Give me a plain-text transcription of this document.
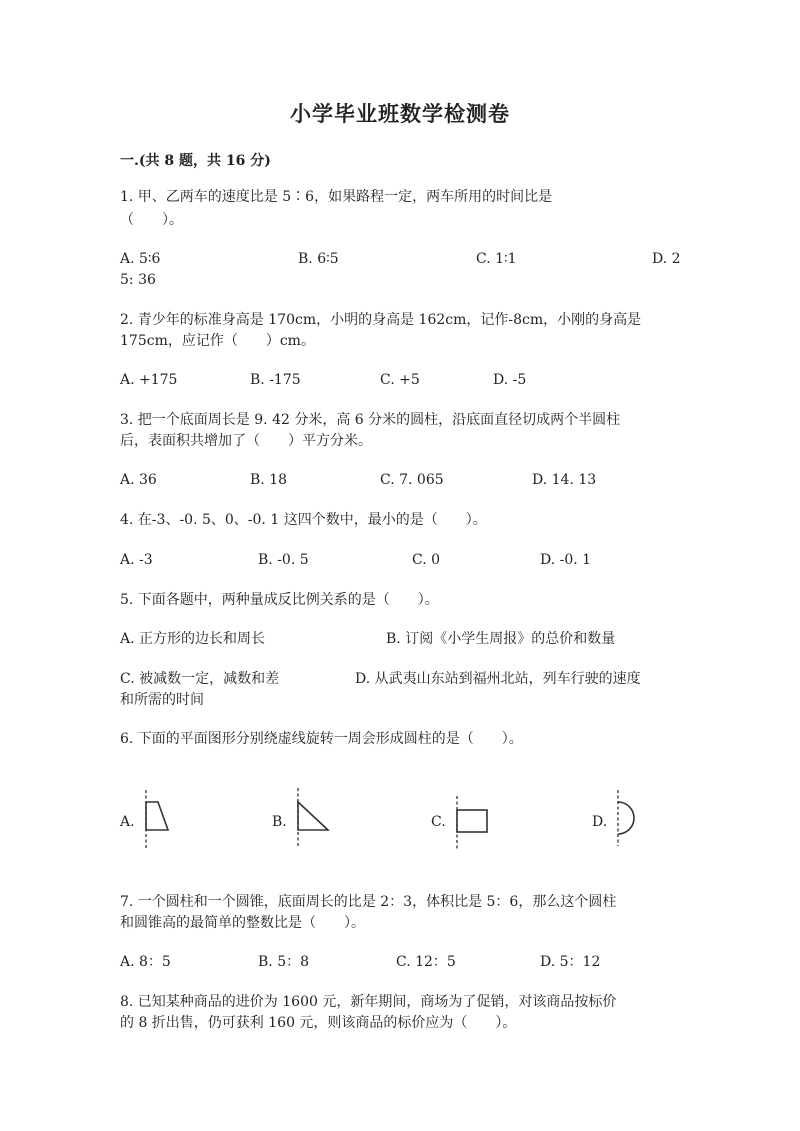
小学毕业班数学检测卷
一.(共 8 题，共 16 分)
1. 甲、乙两车的速度比是 5∶6，如果路程一定，两车所用的时间比是
（　　）。
A. 5∶6	B. 6∶5	C. 1∶1	D. 2
5: 36
2. 青少年的标准身高是 170cm，小明的身高是 162cm，记作-8cm，小刚的身高是
175cm，应记作（　　）cm。
A. +175	B. -175	C. +5	D. -5
3. 把一个底面周长是 9. 42 分米，高 6 分米的圆柱，沿底面直径切成两个半圆柱
后，表面积共增加了（　　）平方分米。
A. 36	B. 18	C. 7. 065	D. 14. 13
4. 在-3、-0. 5、0、-0. 1 这四个数中，最小的是（　　）。
A. -3	B. -0. 5	C. 0	D. -0. 1
5. 下面各题中，两种量成反比例关系的是（　　）。
A. 正方形的边长和周长	B. 订阅《小学生周报》的总价和数量
C. 被减数一定，减数和差	D. 从武夷山东站到福州北站，列车行驶的速度
和所需的时间
6. 下面的平面图形分别绕虚线旋转一周会形成圆柱的是（　　）。
A.	B.	C.	D.
7. 一个圆柱和一个圆锥，底面周长的比是 2：3，体积比是 5：6，那么这个圆柱
和圆锥高的最简单的整数比是（　　）。
A. 8：5	B. 5：8	C. 12：5	D. 5：12
8. 已知某种商品的进价为 1600 元，新年期间，商场为了促销，对该商品按标价
的 8 折出售，仍可获利 160 元，则该商品的标价应为（　　）。
